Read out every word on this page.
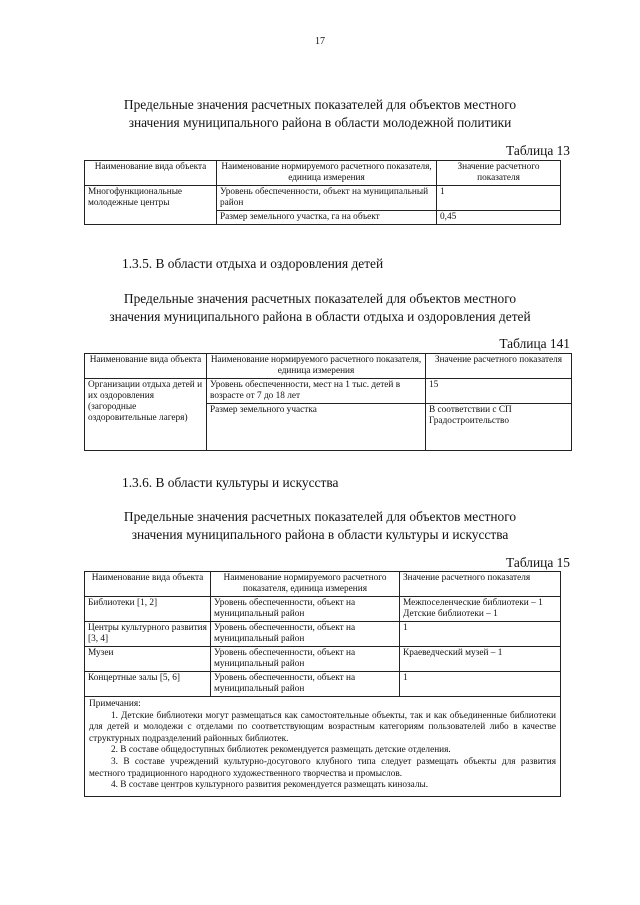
17
Предельные значения расчетных показателей для объектов местного
значения муниципального района в области молодежной политики
Таблица 13
Наименование вида объекта	Наименование нормируемого расчетного показателя, единица измерения	Значение расчетного показателя
Многофункциональные молодежные центры	Уровень обеспеченности, объект на муниципальный район	1
	Размер земельного участка, га на объект	0,45
1.3.5. В области отдыха и оздоровления детей
Предельные значения расчетных показателей для объектов местного
значения муниципального района в области отдыха и оздоровления детей
Таблица 141
Наименование вида объекта	Наименование нормируемого расчетного показателя, единица измерения	Значение расчетного показателя
Организации отдыха детей и их оздоровления (загородные оздоровительные лагеря)	Уровень обеспеченности, мест на 1 тыс. детей в возрасте от 7 до 18 лет	15
	Размер земельного участка	В соответствии с СП Градостроительство
1.3.6. В области культуры и искусства
Предельные значения расчетных показателей для объектов местного
значения муниципального района в области культуры и искусства
Таблица 15
Наименование вида объекта	Наименование нормируемого расчетного показателя, единица измерения	Значение расчетного показателя
Библиотеки [1, 2]	Уровень обеспеченности, объект на муниципальный район	Межпоселенческие библиотеки – 1
Детские библиотеки – 1

Центры культурного развития [3, 4]	Уровень обеспеченности, объект на муниципальный район	1
Музеи	Уровень обеспеченности, объект на муниципальный район	Краеведческий музей – 1
Концертные залы [5, 6]	Уровень обеспеченности, объект на муниципальный район	1

Примечания:
1. Детские библиотеки могут размещаться как самостоятельные объекты, так и как объединенные библиотеки для детей и молодежи с отделами по соответствующим возрастным категориям пользователей либо в качестве структурных подразделений районных библиотек.
2. В составе общедоступных библиотек рекомендуется размещать детские отделения.
3. В составе учреждений культурно-досугового клубного типа следует размещать объекты для развития местного традиционного народного художественного творчества и промыслов.
4. В составе центров культурного развития рекомендуется размещать кинозалы.		
